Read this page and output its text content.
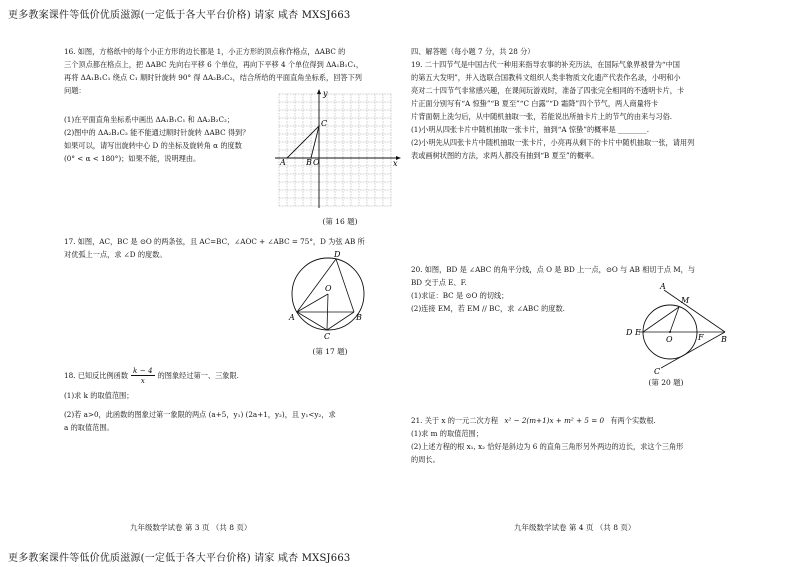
更多教案课件等低价优质滋源(一定低于各大平台价格) 请家 咸杏 MXSJ663

16. 如图，方格纸中的每个小正方形的边长都是 1，小正方形的顶点称作格点，ΔABC 的

三个顶点都在格点上，把 ΔABC 先向右平移 6 个单位，再向下平移 4 个单位得到 ΔA₁B₁C₁，

再将 ΔA₁B₁C₁ 绕点 C₁ 顺时针旋转 90° 得 ΔA₂B₂C₂，结合所给的平面直角坐标系，回答下列

问题：

(1)在平面直角坐标系中画出 ΔA₁B₁C₁ 和 ΔA₂B₂C₂；

(2)图中的 ΔA₂B₂C₂ 能不能通过顺时针旋转 ΔABC 得到？

如果可以，请写出旋转中心 D 的坐标及旋转角 α 的度数

(0° < α < 180°)；如果不能，说明理由。

y
x
A	B
C
O
(第 16 题)

17. 如图，AC，BC 是 ⊙O 的两条弦，且 AC=BC，∠AOC + ∠ABC = 75°，D 为弦 AB 所

对优弧上一点，求 ∠D 的度数。	D
O
A	B
C
(第 17 题)

18. 已知反比例函数 $\frac{k - 4}{x}$ 的图象经过第一、三象限.

(1)求 k 的取值范围；

(2)若 a>0，此函数的图象过第一象限的两点 (a+5，y₁) (2a+1，y₂)，且 y₁<y₂，求

a 的取值范围。

九年级数学试卷 第 3 页 （共 8 页）

四、解答题（每小题 7 分，共 28 分）

19. 二十四节气是中国古代一种用来指导农事的补充历法，在国际气象界被誉为“中国

的第五大发明”，并入选联合国教科文组织人类非物质文化遗产代表作名录，小明和小

亮对二十四节气非常感兴趣，在课间玩游戏时，准备了四张完全相同的不透明卡片，卡

片正面分别写有“A 惊蛰”“B 夏至”“C 白露”“D 霜降”四个节气，两人商量将卡

片背面朝上洗匀后，从中随机抽取一张，若能说出所抽卡片上的节气的由来与习俗.

(1)小明从四张卡片中随机抽取一张卡片，抽到“A 惊蛰”的概率是 ________.

(2)小明先从四张卡片中随机抽取一张卡片，小亮再从剩下的卡片中随机抽取一张，请用列

表或画树状图的方法，求两人都没有抽到“B 夏至”的概率。

20. 如图，BD 是 ∠ABC 的角平分线，点 O 是 BD 上一点，⊙O 与 AB 相切于点 M，与

BD 交于点 E、F.

(1)求证：BC 是 ⊙O 的切线；

(2)连接 EM，若 EM // BC，求 ∠ABC 的度数.

A
M
D E
O	F B
C
(第 20 题)

21. 关于 x 的一元二次方程 x² − 2(m+1)x + m² + 5 = 0 有两个实数根.

(1)求 m 的取值范围；

(2)上述方程的根 x₁, x₂ 恰好是斜边为 6 的直角三角形另外两边的边长，求这个三角形

的周长。

九年级数学试卷 第 4 页 （共 8 页）
更多教案课件等低价优质滋源(一定低于各大平台价格) 请家 咸杏 MXSJ663
